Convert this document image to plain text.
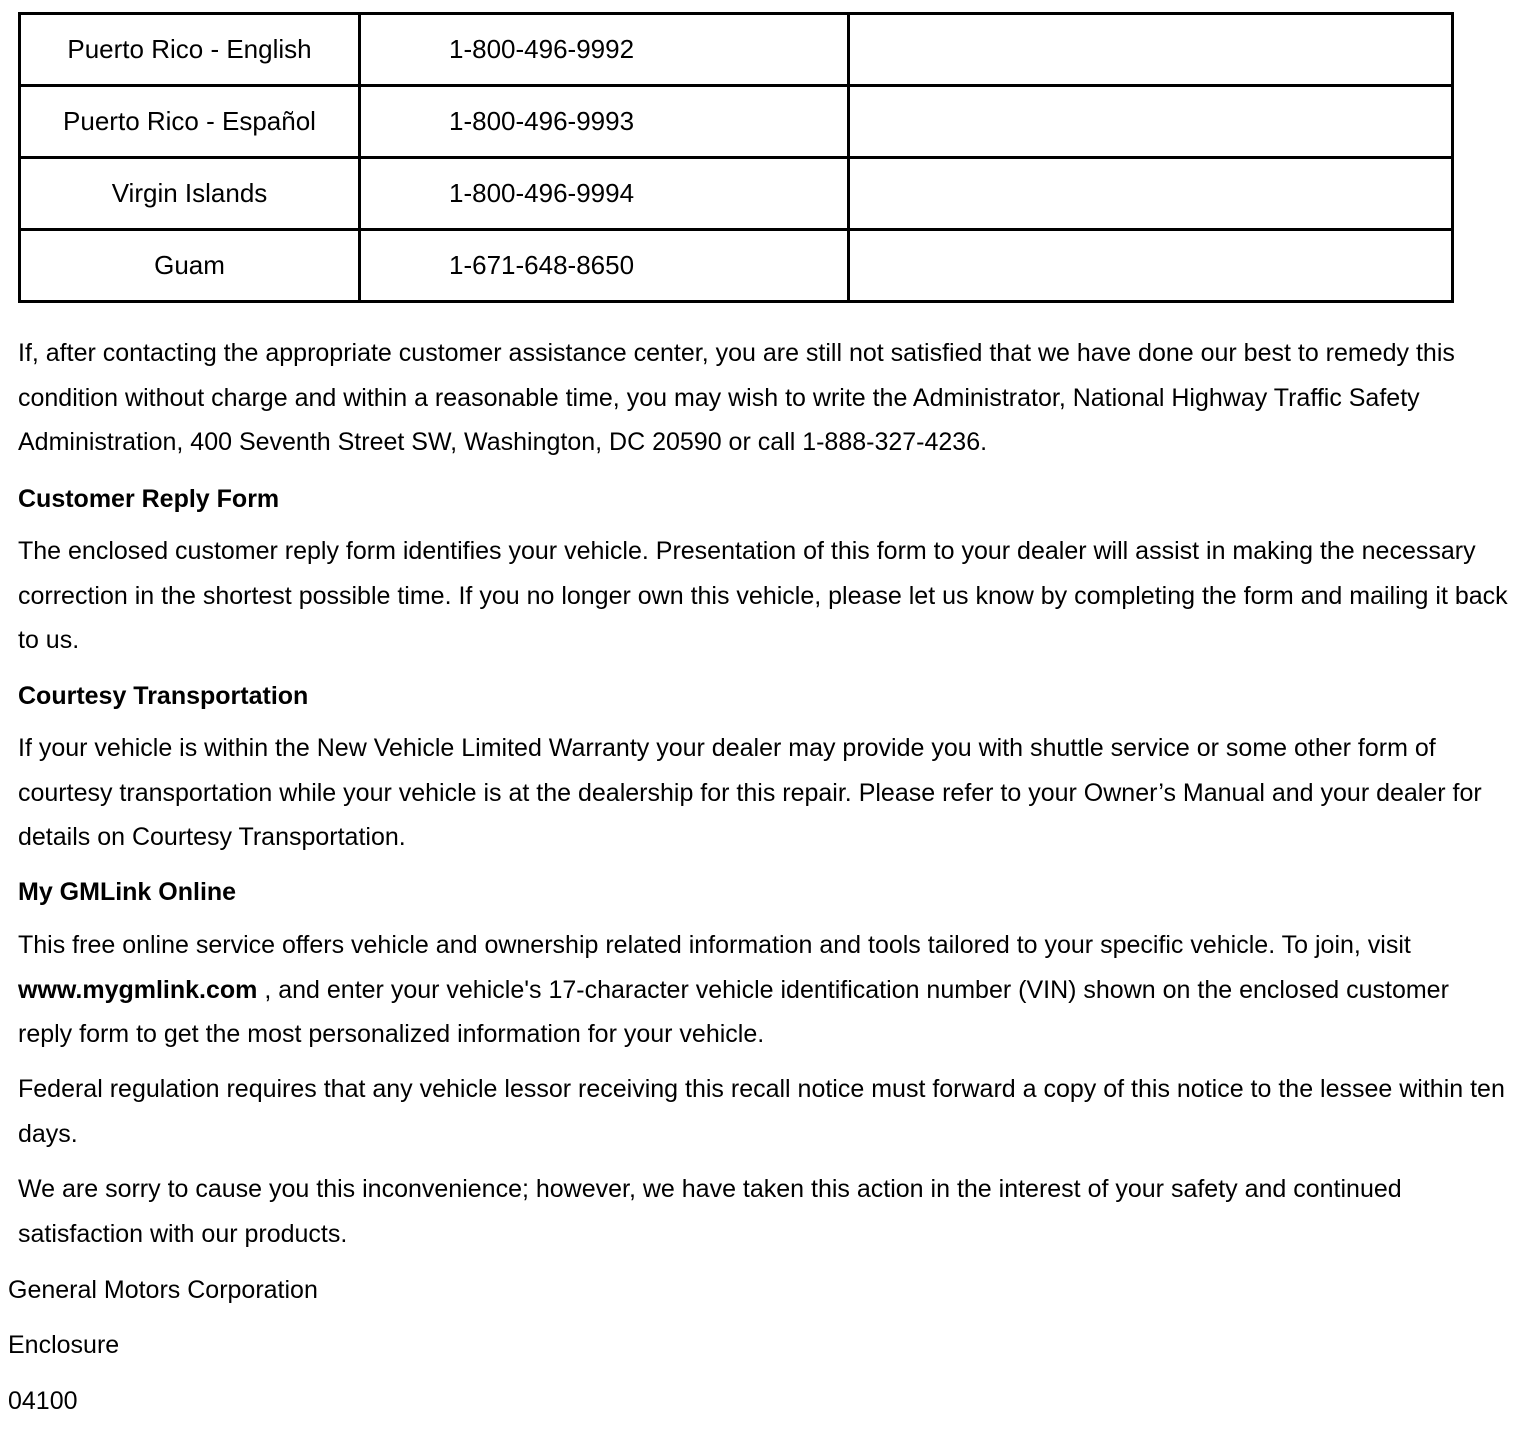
Puerto Rico - English	1-800-496-9992	
Puerto Rico - Español	1-800-496-9993	
Virgin Islands	1-800-496-9994	
Guam	1-671-648-8650	

If, after contacting the appropriate customer assistance center, you are still not satisfied that we have done our best to remedy this condition without charge and within a reasonable time, you may wish to write the Administrator, National Highway Traffic Safety Administration, 400 Seventh Street SW, Washington, DC 20590 or call 1-888-327-4236.

Customer Reply Form

The enclosed customer reply form identifies your vehicle. Presentation of this form to your dealer will assist in making the necessary correction in the shortest possible time. If you no longer own this vehicle, please let us know by completing the form and mailing it back to us.

Courtesy Transportation

If your vehicle is within the New Vehicle Limited Warranty your dealer may provide you with shuttle service or some other form of courtesy transportation while your vehicle is at the dealership for this repair. Please refer to your Owner’s Manual and your dealer for details on Courtesy Transportation.

My GMLink Online

This free online service offers vehicle and ownership related information and tools tailored to your specific vehicle. To join, visit www.mygmlink.com , and enter your vehicle's 17-character vehicle identification number (VIN) shown on the enclosed customer reply form to get the most personalized information for your vehicle.

Federal regulation requires that any vehicle lessor receiving this recall notice must forward a copy of this notice to the lessee within ten days.

We are sorry to cause you this inconvenience; however, we have taken this action in the interest of your safety and continued satisfaction with our products.

General Motors Corporation

Enclosure

04100
